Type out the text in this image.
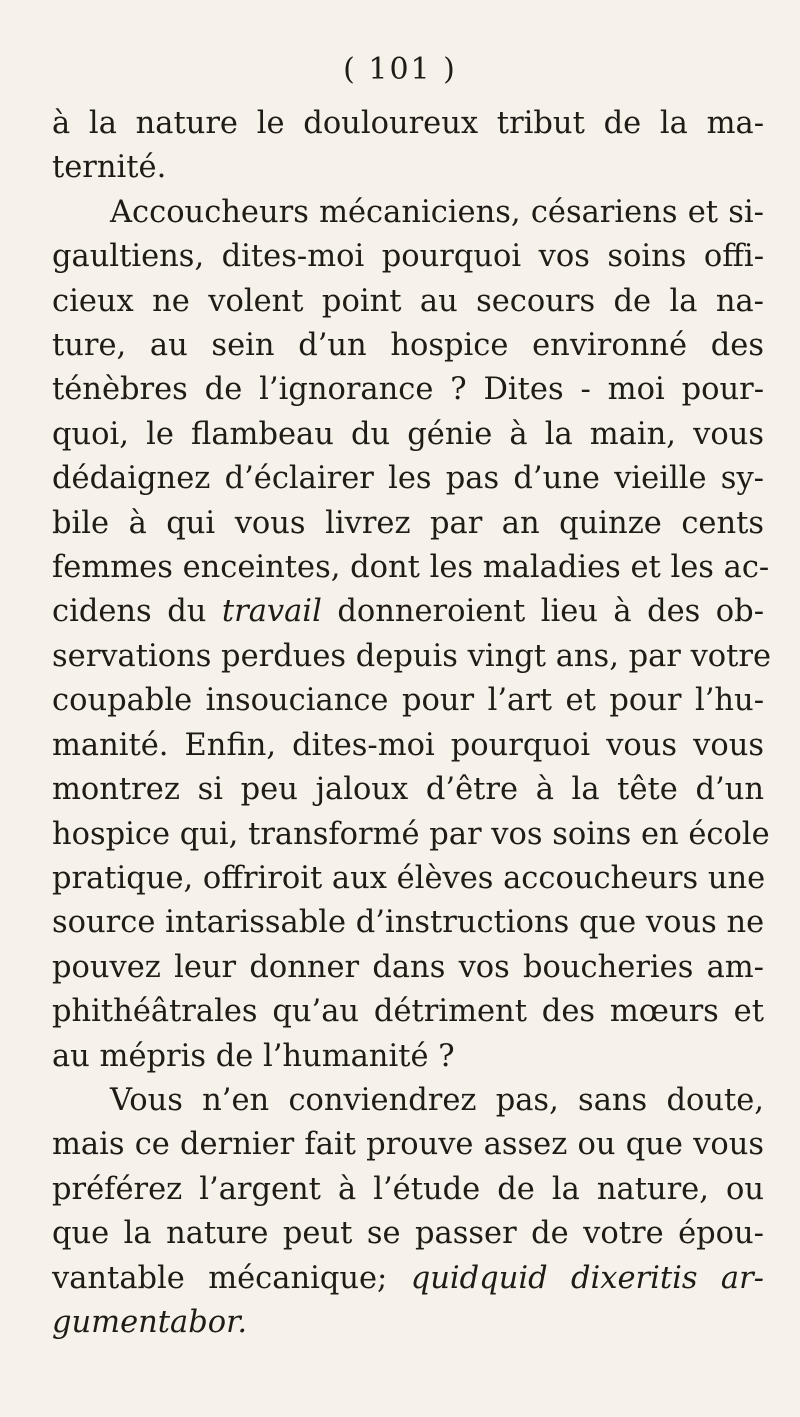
( 101 )
à la nature le douloureux tribut de la ma-
ternité.
Accoucheurs mécaniciens, césariens et si-
gaultiens, dites-moi pourquoi vos soins offi-
cieux ne volent point au secours de la na-
ture, au sein d’un hospice environné des
ténèbres de l’ignorance ? Dites - moi pour-
quoi, le flambeau du génie à la main, vous
dédaignez d’éclairer les pas d’une vieille sy-
bile à qui vous livrez par an quinze cents
femmes enceintes, dont les maladies et les ac-
cidens du travail donneroient lieu à des ob-
servations perdues depuis vingt ans, par votre
coupable insouciance pour l’art et pour l’hu-
manité. Enfin, dites-moi pourquoi vous vous
montrez si peu jaloux d’être à la tête d’un
hospice qui, transformé par vos soins en école
pratique, offriroit aux élèves accoucheurs une
source intarissable d’instructions que vous ne
pouvez leur donner dans vos boucheries am-
phithéâtrales qu’au détriment des mœurs et
au mépris de l’humanité ?
Vous n’en conviendrez pas, sans doute,
mais ce dernier fait prouve assez ou que vous
préférez l’argent à l’étude de la nature, ou
que la nature peut se passer de votre épou-
vantable mécanique; quidquid dixeritis ar-
gumentabor.
